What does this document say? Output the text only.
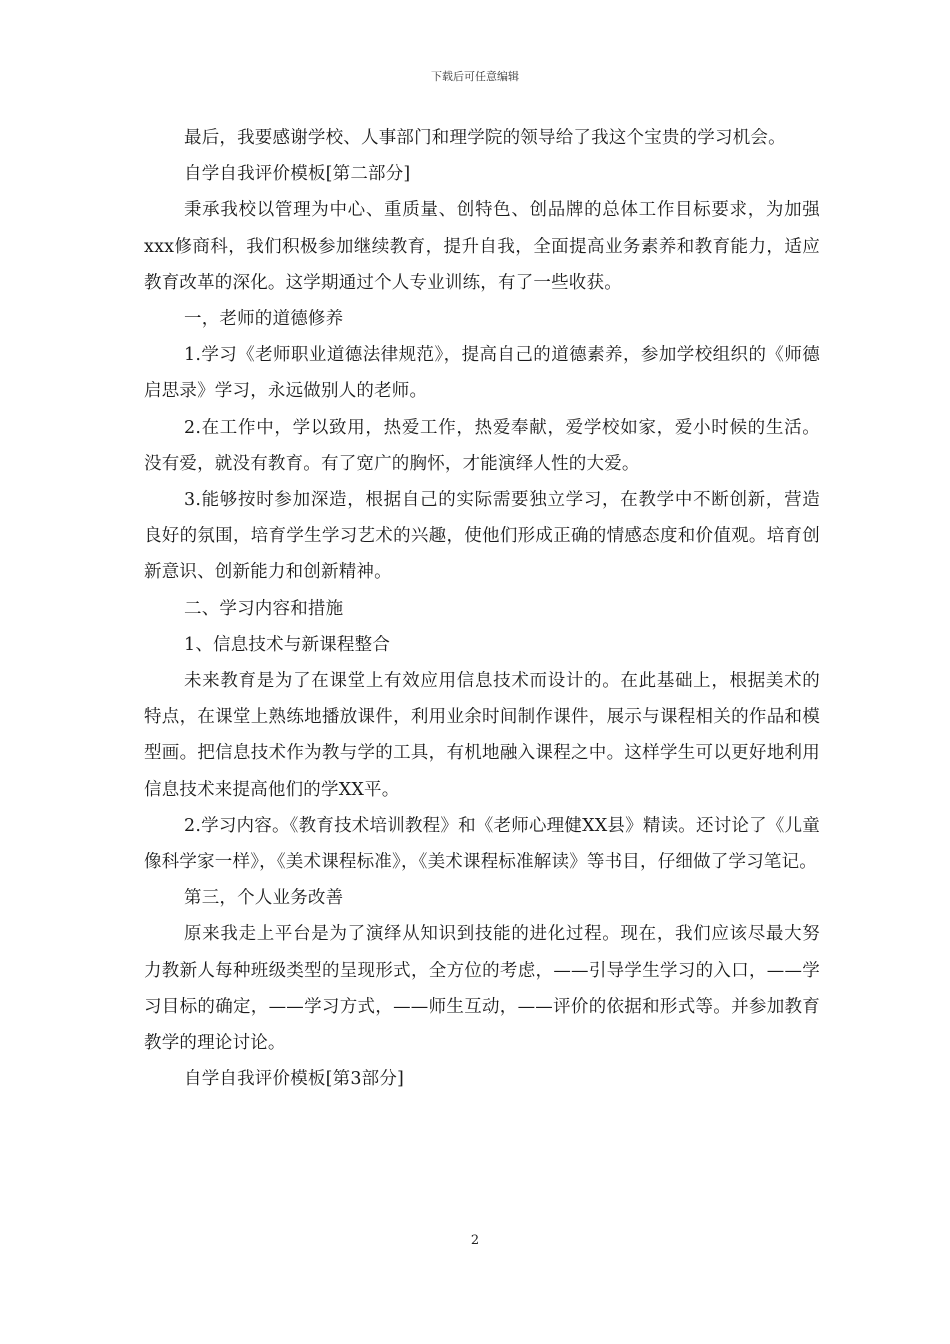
下载后可任意编辑

最后，我要感谢学校、人事部门和理学院的领导给了我这个宝贵的学习机会。

自学自我评价模板[第二部分]

秉承我校以管理为中心、重质量、创特色、创品牌的总体工作目标要求，为加强xxx修商科，我们积极参加继续教育，提升自我，全面提高业务素养和教育能力，适应教育改革的深化。这学期通过个人专业训练，有了一些收获。

一，老师的道德修养

1.学习《老师职业道德法律规范》，提高自己的道德素养，参加学校组织的《师德启思录》学习，永远做别人的老师。

2.在工作中，学以致用，热爱工作，热爱奉献，爱学校如家，爱小时候的生活。没有爱，就没有教育。有了宽广的胸怀，才能演绎人性的大爱。

3.能够按时参加深造，根据自己的实际需要独立学习，在教学中不断创新，营造良好的氛围，培育学生学习艺术的兴趣，使他们形成正确的情感态度和价值观。培育创新意识、创新能力和创新精神。

二、学习内容和措施

1、信息技术与新课程整合

未来教育是为了在课堂上有效应用信息技术而设计的。在此基础上，根据美术的特点，在课堂上熟练地播放课件，利用业余时间制作课件，展示与课程相关的作品和模型画。把信息技术作为教与学的工具，有机地融入课程之中。这样学生可以更好地利用信息技术来提高他们的学XX平。

2.学习内容。《教育技术培训教程》和《老师心理健XX县》精读。还讨论了《儿童像科学家一样》，《美术课程标准》，《美术课程标准解读》等书目，仔细做了学习笔记。

第三，个人业务改善

原来我走上平台是为了演绎从知识到技能的进化过程。现在，我们应该尽最大努力教新人每种班级类型的呈现形式，全方位的考虑，——引导学生学习的入口，——学习目标的确定，——学习方式，——师生互动，——评价的依据和形式等。并参加教育教学的理论讨论。

自学自我评价模板[第3部分]

2
